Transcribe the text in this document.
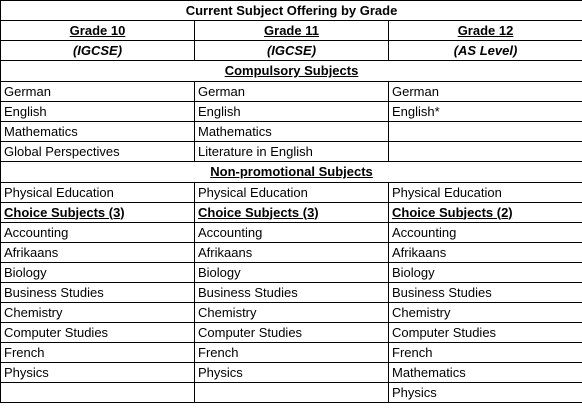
Current Subject Offering by Grade		
Grade 10	Grade 11	Grade 12
(IGCSE)	(IGCSE)	(AS Level)
Compulsory Subjects		
German	German	German
English	English	English*
Mathematics	Mathematics	
Global Perspectives	Literature in English	
Non-promotional Subjects		
Physical Education	Physical Education	Physical Education
Choice Subjects (3)	Choice Subjects (3)	Choice Subjects (2)
Accounting	Accounting	Accounting
Afrikaans	Afrikaans	Afrikaans
Biology	Biology	Biology
Business Studies	Business Studies	Business Studies
Chemistry	Chemistry	Chemistry
Computer Studies	Computer Studies	Computer Studies
French	French	French
Physics	Physics	Mathematics
		Physics
